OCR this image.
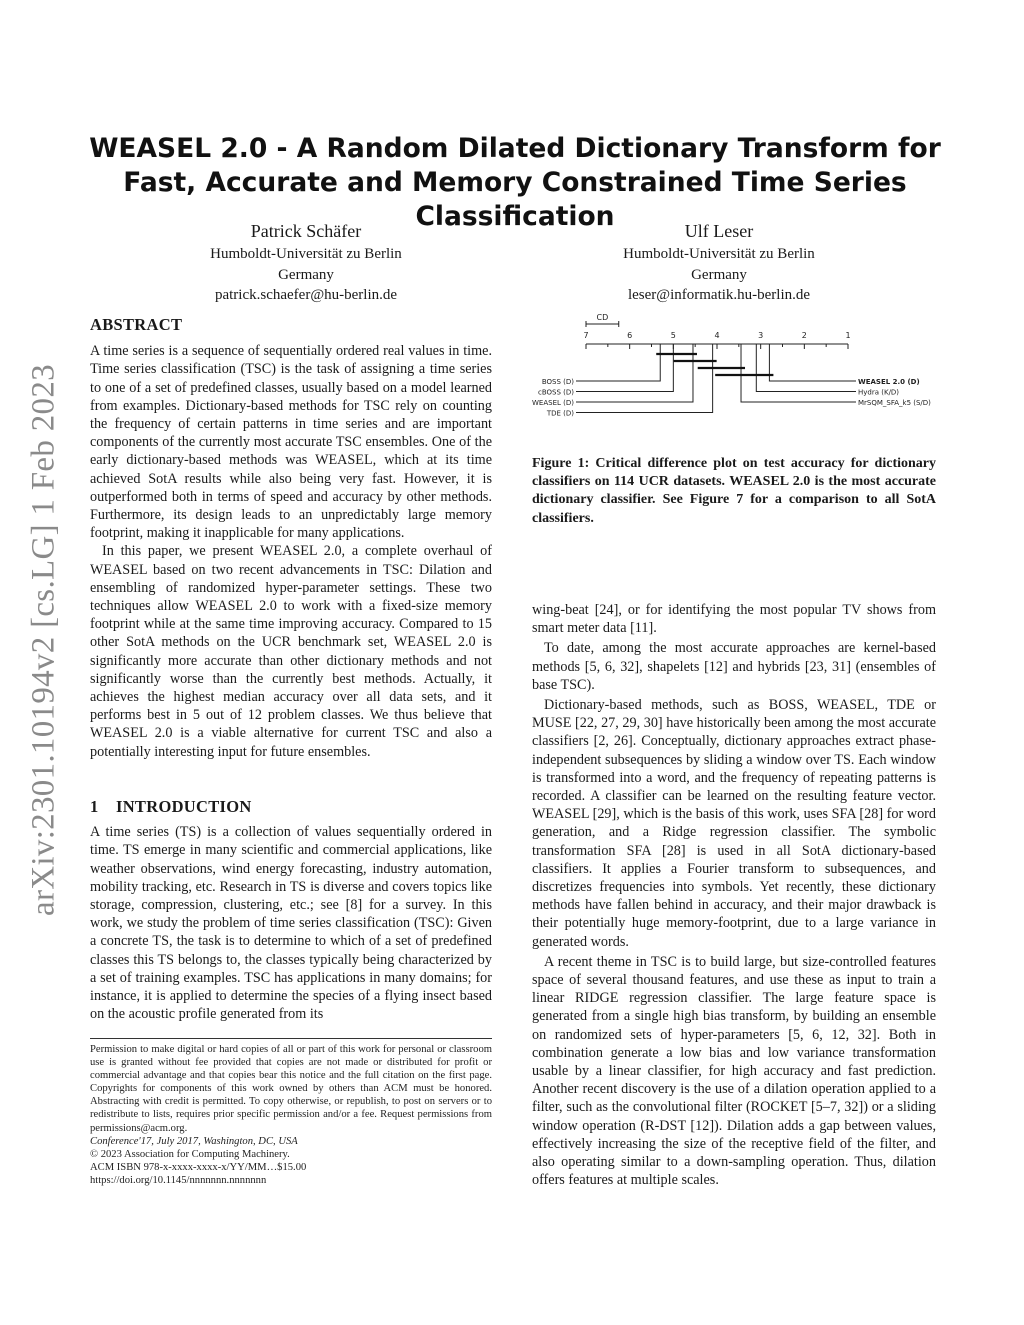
arXiv:2301.10194v2 [cs.LG] 1 Feb 2023
WEASEL 2.0 - A Random Dilated Dictionary Transform for Fast, Accurate and Memory Constrained Time Series Classification
Patrick Schäfer
Humboldt-Universität zu Berlin
Germany
patrick.schaefer@hu-berlin.de
Ulf Leser
Humboldt-Universität zu Berlin
Germany
leser@informatik.hu-berlin.de
ABSTRACT

A time series is a sequence of sequentially ordered real values in time. Time series classification (TSC) is the task of assigning a time series to one of a set of predefined classes, usually based on a model learned from examples. Dictionary-based methods for TSC rely on counting the frequency of certain patterns in time series and are important components of the currently most accurate TSC ensembles. One of the early dictionary-based methods was WEASEL, which at its time achieved SotA results while also being very fast. However, it is outperformed both in terms of speed and accuracy by other methods. Furthermore, its design leads to an unpredictably large memory footprint, making it inapplicable for many applications.

In this paper, we present WEASEL 2.0, a complete overhaul of WEASEL based on two recent advancements in TSC: Dilation and ensembling of randomized hyper-parameter settings. These two techniques allow WEASEL 2.0 to work with a fixed-size memory footprint while at the same time improving accuracy. Compared to 15 other SotA methods on the UCR benchmark set, WEASEL 2.0 is significantly more accurate than other dictionary methods and not significantly worse than the currently best methods. Actually, it achieves the highest median accuracy over all data sets, and it performs best in 5 out of 12 problem classes. We thus believe that WEASEL 2.0 is a viable alternative for current TSC and also a potentially interesting input for future ensembles.

1 INTRODUCTION

A time series (TS) is a collection of values sequentially ordered in time. TS emerge in many scientific and commercial applications, like weather observations, wind energy forecasting, industry automation, mobility tracking, etc. Research in TS is diverse and covers topics like storage, compression, clustering, etc.; see [8] for a survey. In this work, we study the problem of time series classification (TSC): Given a concrete TS, the task is to determine to which of a set of predefined classes this TS belongs to, the classes typically being characterized by a set of training examples. TSC has applications in many domains; for instance, it is applied to determine the species of a flying insect based on the acoustic profile generated from its

Permission to make digital or hard copies of all or part of this work for personal or classroom use is granted without fee provided that copies are not made or distributed for profit or commercial advantage and that copies bear this notice and the full citation on the first page. Copyrights for components of this work owned by others than ACM must be honored. Abstracting with credit is permitted. To copy otherwise, or republish, to post on servers or to redistribute to lists, requires prior specific permission and/or a fee. Request permissions from permissions@acm.org.

Conference'17, July 2017, Washington, DC, USA

© 2023 Association for Computing Machinery.

ACM ISBN 978-x-xxxx-xxxx-x/YY/MM…$15.00

https://doi.org/10.1145/nnnnnnn.nnnnnnn

CD
7	6	5	4	3	2	1
BOSS (D)
cBOSS (D)
WEASEL (D)
TDE (D)
WEASEL 2.0 (D)
Hydra (K/D)
MrSQM_SFA_k5 (S/D)
Figure 1: Critical difference plot on test accuracy for dictionary classifiers on 114 UCR datasets. WEASEL 2.0 is the most accurate dictionary classifier. See Figure 7 for a comparison to all SotA classifiers.

wing-beat [24], or for identifying the most popular TV shows from smart meter data [11].

To date, among the most accurate approaches are kernel-based methods [5, 6, 32], shapelets [12] and hybrids [23, 31] (ensembles of base TSC).

Dictionary-based methods, such as BOSS, WEASEL, TDE or MUSE [22, 27, 29, 30] have historically been among the most accurate classifiers [2, 26]. Conceptually, dictionary approaches extract phase-independent subsequences by sliding a window over TS. Each window is transformed into a word, and the frequency of repeating patterns is recorded. A classifier can be learned on the resulting feature vector. WEASEL [29], which is the basis of this work, uses SFA [28] for word generation, and a Ridge regression classifier. The symbolic transformation SFA [28] is used in all SotA dictionary-based classifiers. It applies a Fourier transform to subsequences, and discretizes frequencies into symbols. Yet recently, these dictionary methods have fallen behind in accuracy, and their major drawback is their potentially huge memory-footprint, due to a large variance in generated words.

A recent theme in TSC is to build large, but size-controlled features space of several thousand features, and use these as input to train a linear RIDGE regression classifier. The large feature space is generated from a single high bias transform, by building an ensemble on randomized sets of hyper-parameters [5, 6, 12, 32]. Both in combination generate a low bias and low variance transformation usable by a linear classifier, for high accuracy and fast prediction. Another recent discovery is the use of a dilation operation applied to a filter, such as the convolutional filter (ROCKET [5–7, 32]) or a sliding window operation (R-DST [12]). Dilation adds a gap between values, effectively increasing the size of the receptive field of the filter, and also operating similar to a down-sampling operation. Thus, dilation offers features at multiple scales.
